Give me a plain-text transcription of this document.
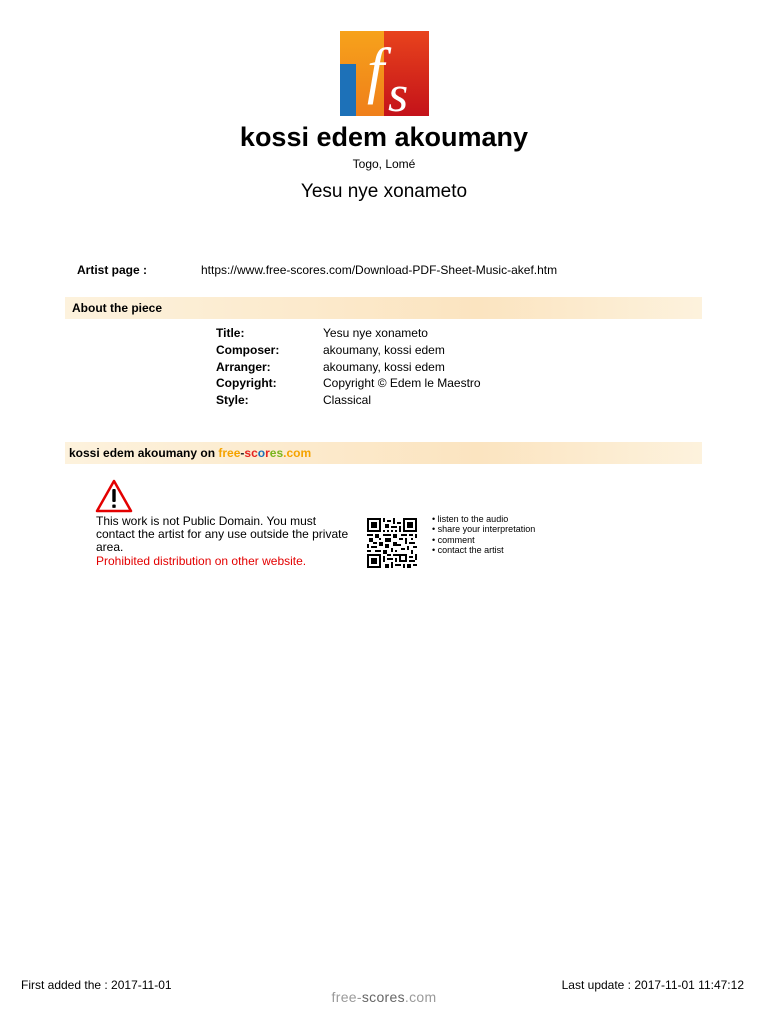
f s
kossi edem akoumany
Togo, Lomé
Yesu nye xonameto
Artist page :	https://www.free-scores.com/Download-PDF-Sheet-Music-akef.htm
About the piece
Title:	Yesu nye xonameto
Composer:	akoumany, kossi edem
Arranger:	akoumany, kossi edem
Copyright:	Copyright © Edem le Maestro
Style:	Classical
kossi edem akoumany on free-scores.com
This work is not Public Domain. You must contact the artist for any use outside the private area.
Prohibited distribution on other website.
• listen to the audio
• share your interpretation
• comment
• contact the artist
First added the : 2017-11-01	Last update : 2017-11-01 11:47:12
free-scores.com
